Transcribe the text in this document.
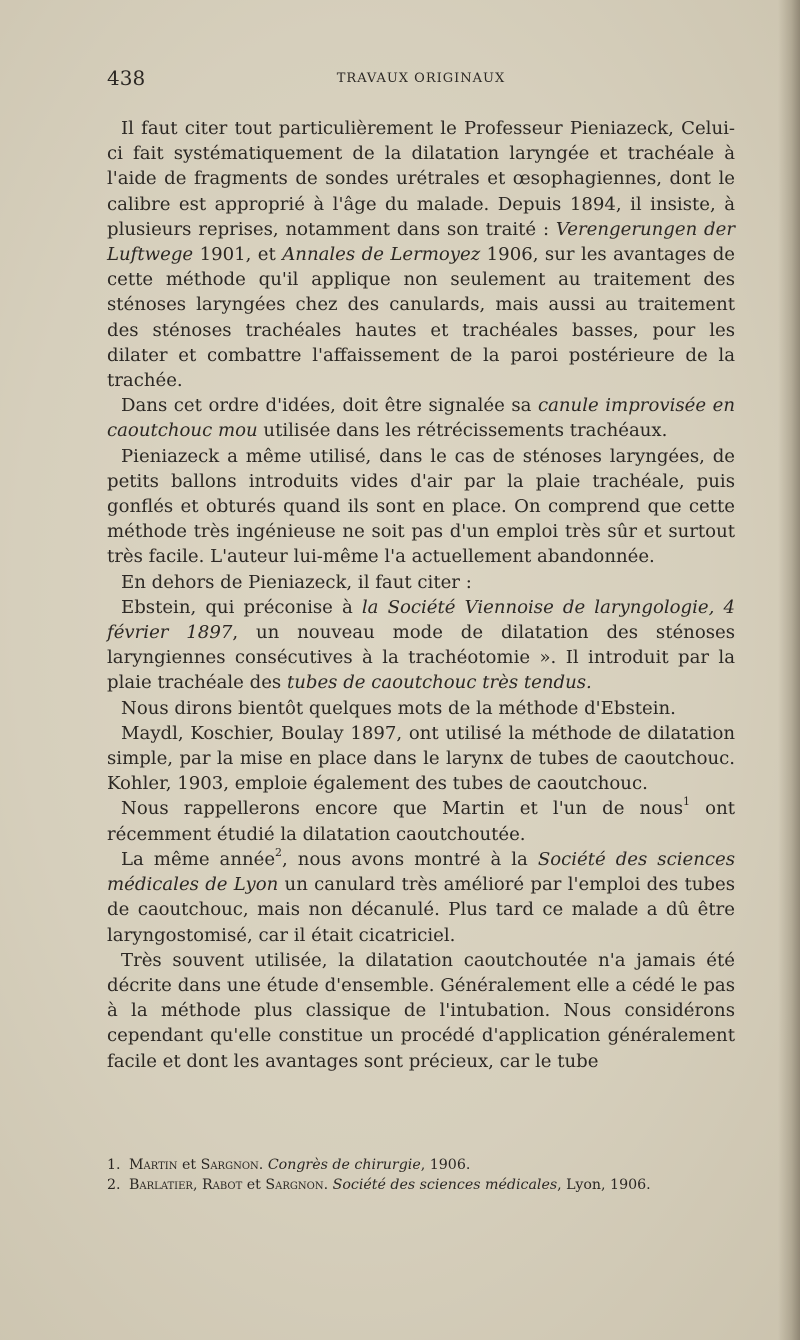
438	TRAVAUX ORIGINAUX

Il faut citer tout particulièrement le Professeur Pieniazeck, Celui-ci fait systématiquement de la dilatation laryngée et trachéale à l'aide de fragments de sondes urétrales et œsophagiennes, dont le calibre est approprié à l'âge du malade. Depuis 1894, il insiste, à plusieurs reprises, notamment dans son traité : Verengerungen der Luftwege 1901, et Annales de Lermoyez 1906, sur les avantages de cette méthode qu'il applique non seulement au traitement des sténoses laryngées chez des canulards, mais aussi au traitement des sténoses trachéales hautes et trachéales basses, pour les dilater et combattre l'affaissement de la paroi postérieure de la trachée.

Dans cet ordre d'idées, doit être signalée sa canule improvisée en caoutchouc mou utilisée dans les rétrécissements trachéaux.

Pieniazeck a même utilisé, dans le cas de sténoses laryngées, de petits ballons introduits vides d'air par la plaie trachéale, puis gonflés et obturés quand ils sont en place. On comprend que cette méthode très ingénieuse ne soit pas d'un emploi très sûr et surtout très facile. L'auteur lui-même l'a actuellement abandonnée.

En dehors de Pieniazeck, il faut citer :

Ebstein, qui préconise à la Société Viennoise de laryngologie, 4 février 1897, un nouveau mode de dilatation des sténoses laryngiennes consécutives à la trachéotomie ». Il introduit par la plaie trachéale des tubes de caoutchouc très tendus.

Nous dirons bientôt quelques mots de la méthode d'Ebstein.

Maydl, Koschier, Boulay 1897, ont utilisé la méthode de dilatation simple, par la mise en place dans le larynx de tubes de caoutchouc. Kohler, 1903, emploie également des tubes de caoutchouc.

Nous rappellerons encore que Martin et l'un de nous$^1$ ont récemment étudié la dilatation caoutchoutée.

La même année$^2$, nous avons montré à la Société des sciences médicales de Lyon un canulard très amélioré par l'emploi des tubes de caoutchouc, mais non décanulé. Plus tard ce malade a dû être laryngostomisé, car il était cicatriciel.

Très souvent utilisée, la dilatation caoutchoutée n'a jamais été décrite dans une étude d'ensemble. Généralement elle a cédé le pas à la méthode plus classique de l'intubation. Nous considérons cependant qu'elle constitue un procédé d'application généralement facile et dont les avantages sont précieux, car le tube

1. Martin et Sargnon. Congrès de chirurgie, 1906.
2. Barlatier, Rabot et Sargnon. Société des sciences médicales, Lyon, 1906.
